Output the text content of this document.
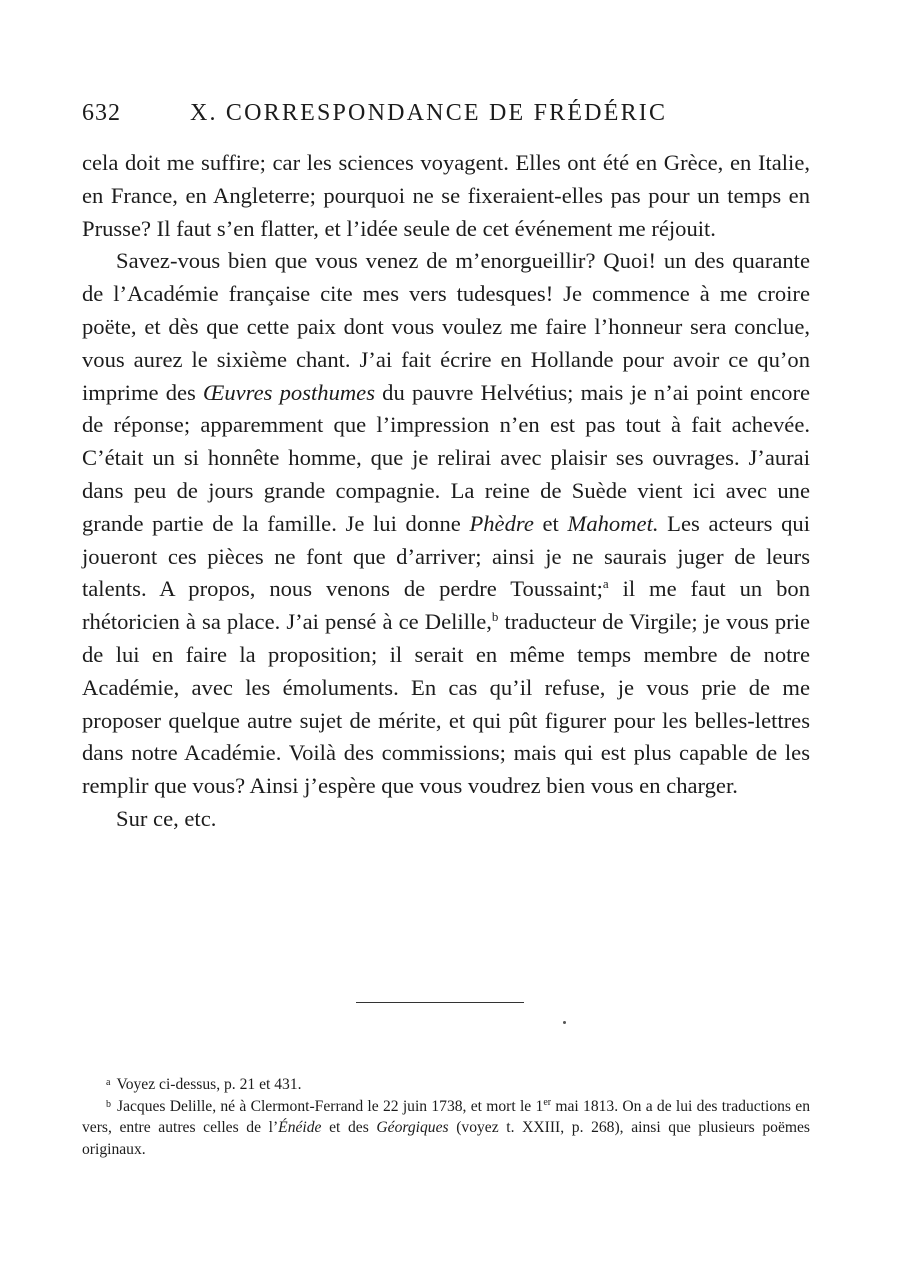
632	X. CORRESPONDANCE DE FRÉDÉRIC

cela doit me suffire; car les sciences voyagent. Elles ont été en Grèce, en Italie, en France, en Angleterre; pourquoi ne se fixeraient-elles pas pour un temps en Prusse? Il faut s’en flatter, et l’idée seule de cet événement me réjouit.

Savez-vous bien que vous venez de m’enorgueillir? Quoi! un des quarante de l’Académie française cite mes vers tudesques! Je commence à me croire poëte, et dès que cette paix dont vous voulez me faire l’honneur sera conclue, vous aurez le sixième chant. J’ai fait écrire en Hollande pour avoir ce qu’on imprime des Œuvres posthumes du pauvre Helvétius; mais je n’ai point encore de réponse; apparemment que l’impression n’en est pas tout à fait achevée. C’était un si honnête homme, que je relirai avec plaisir ses ouvrages. J’aurai dans peu de jours grande compagnie. La reine de Suède vient ici avec une grande partie de la famille. Je lui donne Phèdre et Mahomet. Les acteurs qui joueront ces pièces ne font que d’arriver; ainsi je ne saurais juger de leurs talents. A propos, nous venons de perdre Toussaint;$^a$ il me faut un bon rhétoricien à sa place. J’ai pensé à ce Delille,$^b$ traducteur de Virgile; je vous prie de lui en faire la proposition; il serait en même temps membre de notre Académie, avec les émoluments. En cas qu’il refuse, je vous prie de me proposer quelque autre sujet de mérite, et qui pût figurer pour les belles-lettres dans notre Académie. Voilà des commissions; mais qui est plus capable de les remplir que vous? Ainsi j’espère que vous voudrez bien vous en charger.

Sur ce, etc.

$^a$ Voyez ci-dessus, p. 21 et 431.

$^b$ Jacques Delille, né à Clermont-Ferrand le 22 juin 1738, et mort le 1er mai 1813. On a de lui des traductions en vers, entre autres celles de l’Énéide et des Géorgiques (voyez t. XXIII, p. 268), ainsi que plusieurs poëmes originaux.
